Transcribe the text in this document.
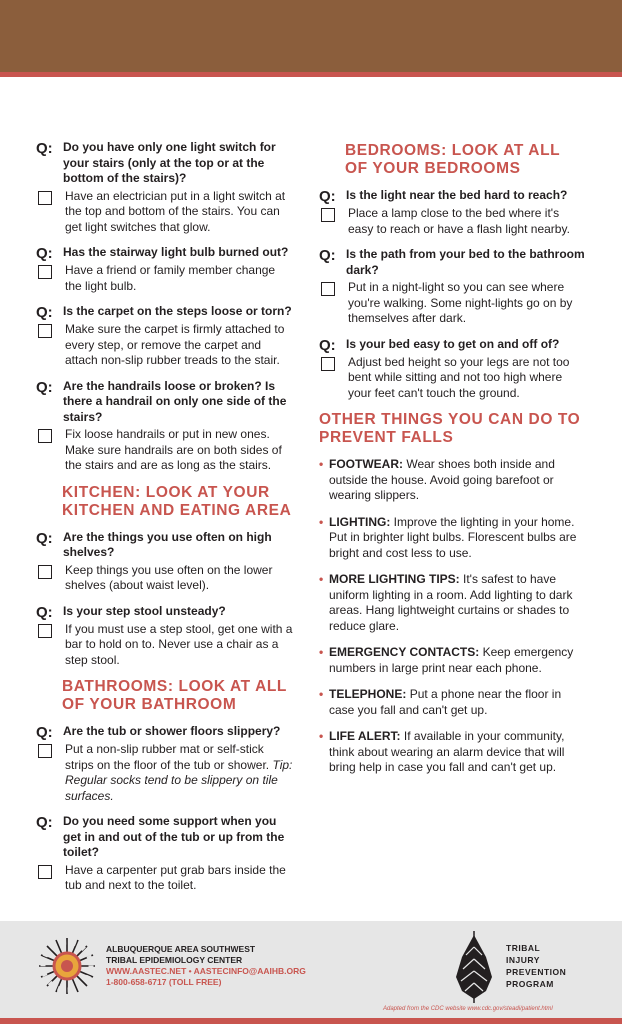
Q: Do you have only one light switch for your stairs (only at the top or at the bottom of the stairs)?
Have an electrician put in a light switch at the top and bottom of the stairs. You can get light switches that glow.
Q: Has the stairway light bulb burned out?
Have a friend or family member change the light bulb.
Q: Is the carpet on the steps loose or torn?
Make sure the carpet is firmly attached to every step, or remove the carpet and attach non-slip rubber treads to the stair.
Q: Are the handrails loose or broken? Is there a handrail on only one side of the stairs?
Fix loose handrails or put in new ones. Make sure handrails are on both sides of the stairs and are as long as the stairs.
KITCHEN: LOOK AT YOUR KITCHEN AND EATING AREA
Q: Are the things you use often on high shelves?
Keep things you use often on the lower shelves (about waist level).
Q: Is your step stool unsteady?
If you must use a step stool, get one with a bar to hold on to. Never use a chair as a step stool.
BATHROOMS: LOOK AT ALL OF YOUR BATHROOM
Q: Are the tub or shower floors slippery?
Put a non-slip rubber mat or self-stick strips on the floor of the tub or shower. Tip: Regular socks tend to be slippery on tile surfaces.
Q: Do you need some support when you get in and out of the tub or up from the toilet?
Have a carpenter put grab bars inside the tub and next to the toilet.
BEDROOMS: LOOK AT ALL OF YOUR BEDROOMS
Q: Is the light near the bed hard to reach?
Place a lamp close to the bed where it's easy to reach or have a flash light nearby.
Q: Is the path from your bed to the bathroom dark?
Put in a night-light so you can see where you're walking. Some night-lights go on by themselves after dark.
Q: Is your bed easy to get on and off of?
Adjust bed height so your legs are not too bent while sitting and not too high where your feet can't touch the ground.
OTHER THINGS YOU CAN DO TO PREVENT FALLS
• FOOTWEAR: Wear shoes both inside and outside the house. Avoid going barefoot or wearing slippers.
• LIGHTING: Improve the lighting in your home. Put in brighter light bulbs. Florescent bulbs are bright and cost less to use.
• MORE LIGHTING TIPS: It's safest to have uniform lighting in a room. Add lighting to dark areas. Hang lightweight curtains or shades to reduce glare.
• EMERGENCY CONTACTS: Keep emergency numbers in large print near each phone.
• TELEPHONE: Put a phone near the floor in case you fall and can't get up.
• LIFE ALERT: If available in your community, think about wearing an alarm device that will bring help in case you fall and can't get up.
ALBUQUERQUE AREA SOUTHWEST
TRIBAL EPIDEMIOLOGY CENTER
WWW.AASTEC.NET • AASTECINFO@AAIHB.ORG
1-800-658-6717 (TOLL FREE)
TRIBAL
INJURY
PREVENTION
PROGRAM
Adapted from the CDC website www.cdc.gov/steadi/patient.html
